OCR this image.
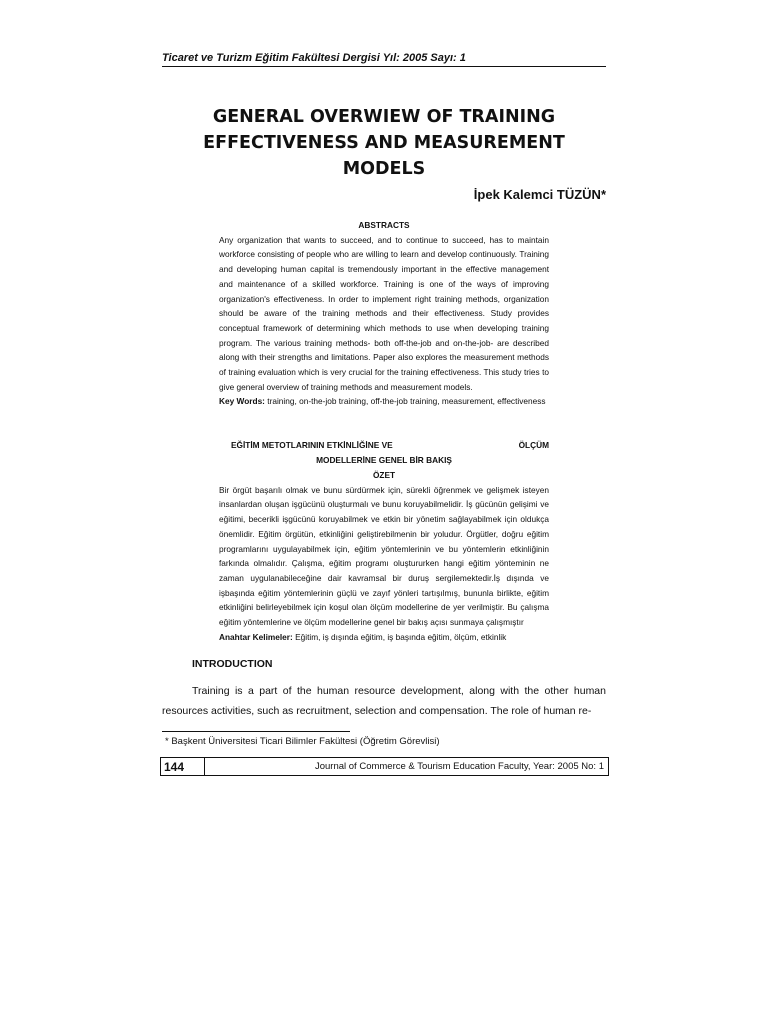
Ticaret ve Turizm Eğitim Fakültesi Dergisi Yıl: 2005 Sayı: 1
GENERAL OVERWIEW OF TRAINING
EFFECTIVENESS AND MEASUREMENT
MODELS
İpek Kalemci TÜZÜN*

ABSTRACTS

Any organization that wants to succeed, and to continue to succeed, has to maintain workforce consisting of people who are willing to learn and develop continuously. Training and developing human capital is tremendously important in the effective management and maintenance of a skilled workforce. Training is one of the ways of improving organization's effectiveness. In order to implement right training methods, organization should be aware of the training methods and their effectiveness. Study provides conceptual framework of determining which methods to use when developing training program. The various training methods- both off-the-job and on-the-job- are described along with their strengths and limitations. Paper also explores the measurement methods of training evaluation which is very crucial for the training effectiveness. This study tries to give general overview of training methods and measurement models.

Key Words: training, on-the-job training, off-the-job training, measurement, effectiveness

EĞİTİM METOTLARININ ETKİNLİĞİNE VE	ÖLÇÜM
MODELLERİNE GENEL BİR BAKIŞ

ÖZET

Bir örgüt başarılı olmak ve bunu sürdürmek için, sürekli öğrenmek ve gelişmek isteyen insanlardan oluşan işgücünü oluşturmalı ve bunu koruyabilmelidir. İş gücünün gelişimi ve eğitimi, becerikli işgücünü koruyabilmek ve etkin bir yönetim sağlayabilmek için oldukça önemlidir. Eğitim örgütün, etkinliğini geliştirebilmenin bir yoludur. Örgütler, doğru eğitim programlarını uygulayabilmek için, eğitim yöntemlerinin ve bu yöntemlerin etkinliğinin farkında olmalıdır. Çalışma, eğitim programı oluştururken hangi eğitim yönteminin ne zaman uygulanabileceğine dair kavramsal bir duruş sergilemektedir.İş dışında ve işbaşında eğitim yöntemlerinin güçlü ve zayıf yönleri tartışılmış, bununla birlikte, eğitim etkinliğini belirleyebilmek için koşul olan ölçüm modellerine de yer verilmiştir. Bu çalışma eğitim yöntemlerine ve ölçüm modellerine genel bir bakış açısı sunmaya çalışmıştır

Anahtar Kelimeler: Eğitim, iş dışında eğitim, iş başında eğitim, ölçüm, etkinlik

INTRODUCTION

Training is a part of the human resource development, along with the other human resources activities, such as recruitment, selection and compensation. The role of human re-

* Başkent Üniversitesi Ticari Bilimler Fakültesi (Öğretim Görevlisi)
144	Journal of Commerce & Tourism Education Faculty, Year: 2005 No: 1
